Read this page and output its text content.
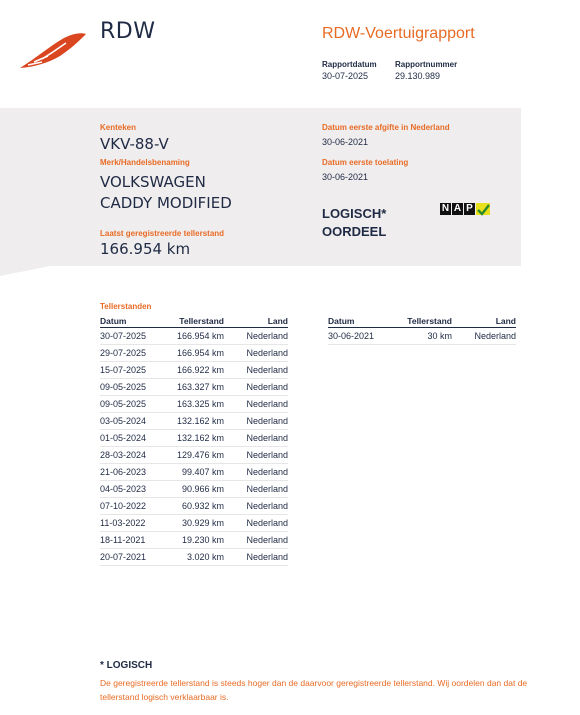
RDW	RDW-Voertuigrapport
Rapportdatum
30-07-2025
Rapportnummer
29.130.989
Kenteken
VKV-88-V
Merk/Handelsbenaming
VOLKSWAGEN
CADDY MODIFIED
Laatst geregistreerde tellerstand
166.954 km
Datum eerste afgifte in Nederland
30-06-2021
Datum eerste toelating
30-06-2021
LOGISCH*
OORDEEL
N A P
Tellerstanden
Datum	Tellerstand	Land
30-07-2025	166.954 km	Nederland
29-07-2025	166.954 km	Nederland
15-07-2025	166.922 km	Nederland
09-05-2025	163.327 km	Nederland
09-05-2025	163.325 km	Nederland
03-05-2024	132.162 km	Nederland
01-05-2024	132.162 km	Nederland
28-03-2024	129.476 km	Nederland
21-06-2023	99.407 km	Nederland
04-05-2023	90.966 km	Nederland
07-10-2022	60.932 km	Nederland
11-03-2022	30.929 km	Nederland
18-11-2021	19.230 km	Nederland
20-07-2021	3.020 km	Nederland
Datum	Tellerstand	Land
30-06-2021	30 km	Nederland
* LOGISCH
De geregistreerde tellerstand is steeds hoger dan de daarvoor geregistreerde tellerstand. Wij oordelen dan dat de tellerstand logisch verklaarbaar is.
